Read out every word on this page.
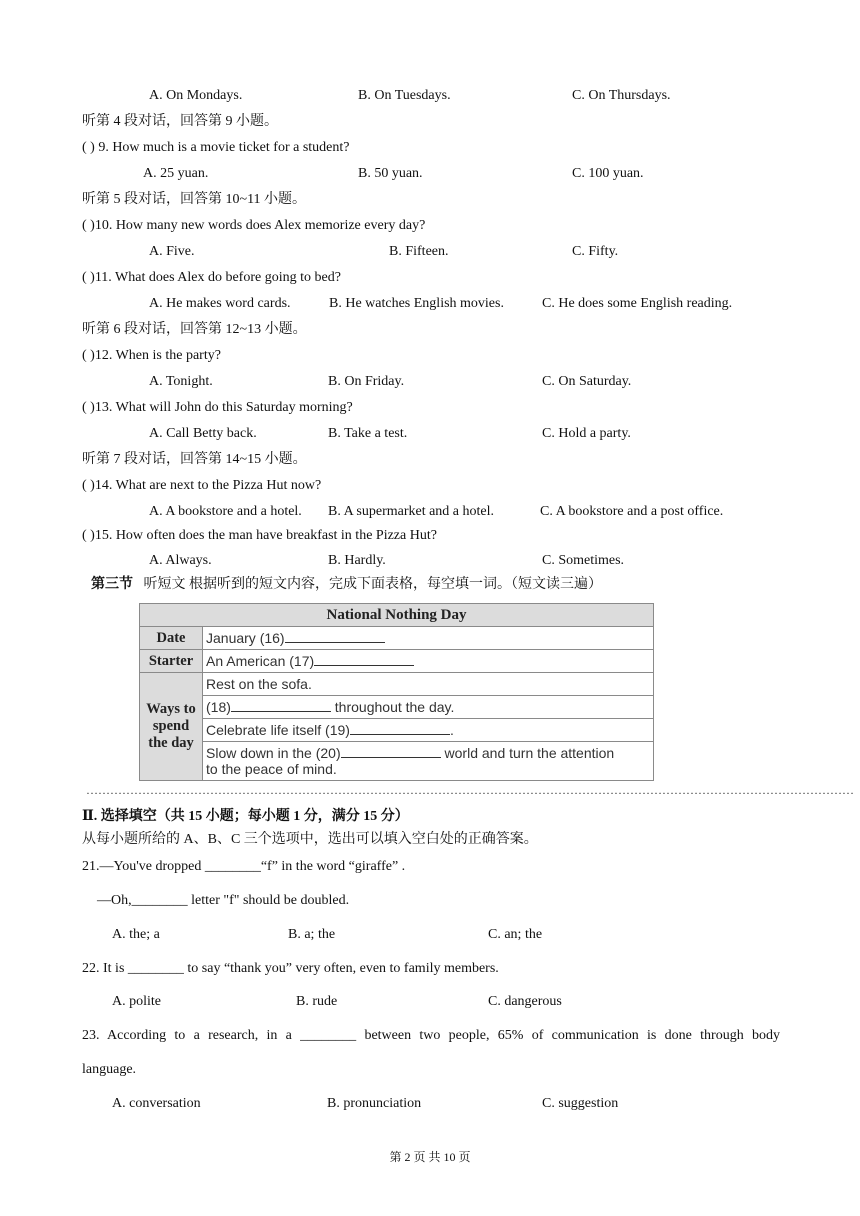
A. On Mondays.	B. On Tuesdays.	C. On Thursdays.
听第 4 段对话，回答第 9 小题。
( ) 9. How much is a movie ticket for a student?
A. 25 yuan.	B. 50 yuan.	C. 100 yuan.
听第 5 段对话，回答第 10~11 小题。
( )10. How many new words does Alex memorize every day?
A. Five.	B. Fifteen.	C. Fifty.
( )11. What does Alex do before going to bed?
A. He makes word cards.	B. He watches English movies.	C. He does some English reading.
听第 6 段对话，回答第 12~13 小题。
( )12. When is the party?
A. Tonight.	B. On Friday.	C. On Saturday.
( )13. What will John do this Saturday morning?
A. Call Betty back.	B. Take a test.	C. Hold a party.
听第 7 段对话，回答第 14~15 小题。
( )14. What are next to the Pizza Hut now?
A. A bookstore and a hotel. B. A supermarket and a hotel.	C. A bookstore and a post office.
( )15. How often does the man have breakfast in the Pizza Hut?
A. Always.	B. Hardly.	C. Sometimes.
第三节 听短文 根据听到的短文内容，完成下面表格，每空填一词。（短文读三遍）
National Nothing Day	
Date	January (16)
Starter	An American (17)

Ways to
spend
the day	Rest on the sofa.
	(18) throughout the day.
	Celebrate life itself (19) .

	Slow down in the (20) world and turn the attention
to the peace of mind.
…………………………………………………………………………………………………………………………………………………………………………
Ⅱ. 选择填空（共 15 小题；每小题 1 分，满分 15 分）
从每小题所给的 A、B、C 三个选项中，选出可以填入空白处的正确答案。
21.—You've dropped ________“f” in the word “giraffe” .
—Oh,________ letter "f" should be doubled.
A. the; a	B. a; the	C. an; the
22. It is ________ to say “thank you” very often, even to family members.
A. polite	B. rude	C. dangerous
23. According to a research, in a ________ between two people, 65% of communication is done through body
language.
A. conversation	B. pronunciation	C. suggestion
第 2 页 共 10 页
